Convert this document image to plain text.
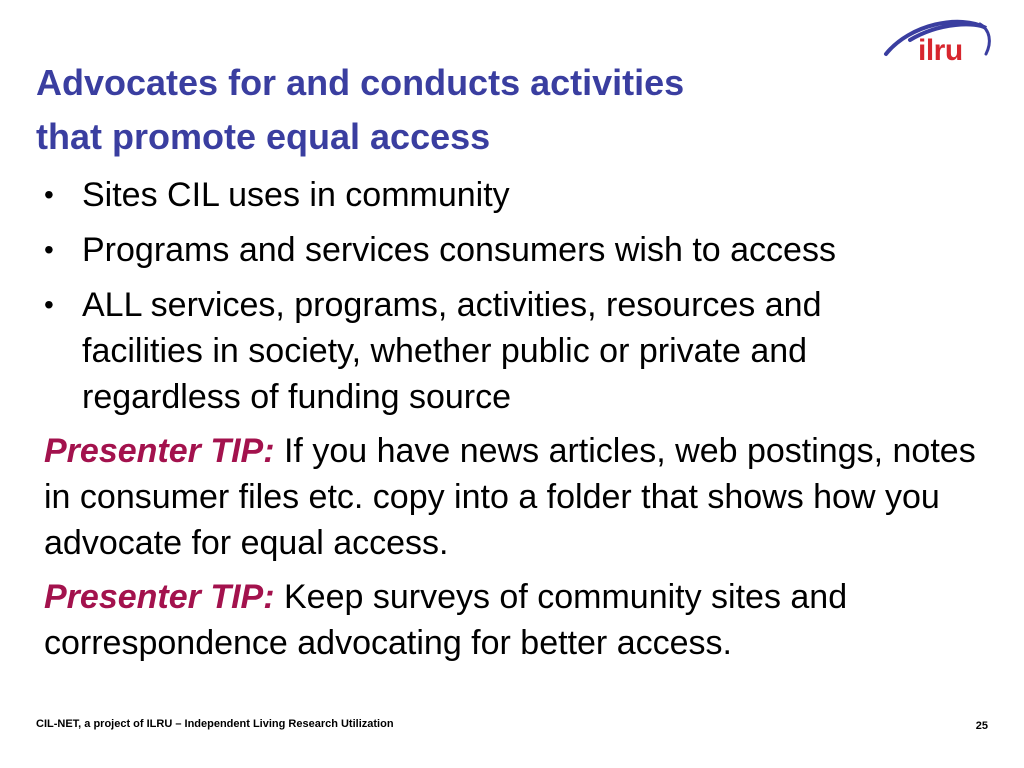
ilru
Advocates for and conducts activities
that promote equal access
• Sites CIL uses in community
• Programs and services consumers wish to access
• ALL services, programs, activities, resources and facilities in society, whether public or private and regardless of funding source

Presenter TIP: If you have news articles, web postings, notes in consumer files etc. copy into a folder that shows how you advocate for equal access.

Presenter TIP: Keep surveys of community sites and correspondence advocating for better access.

CIL-NET, a project of ILRU – Independent Living Research Utilization	25
